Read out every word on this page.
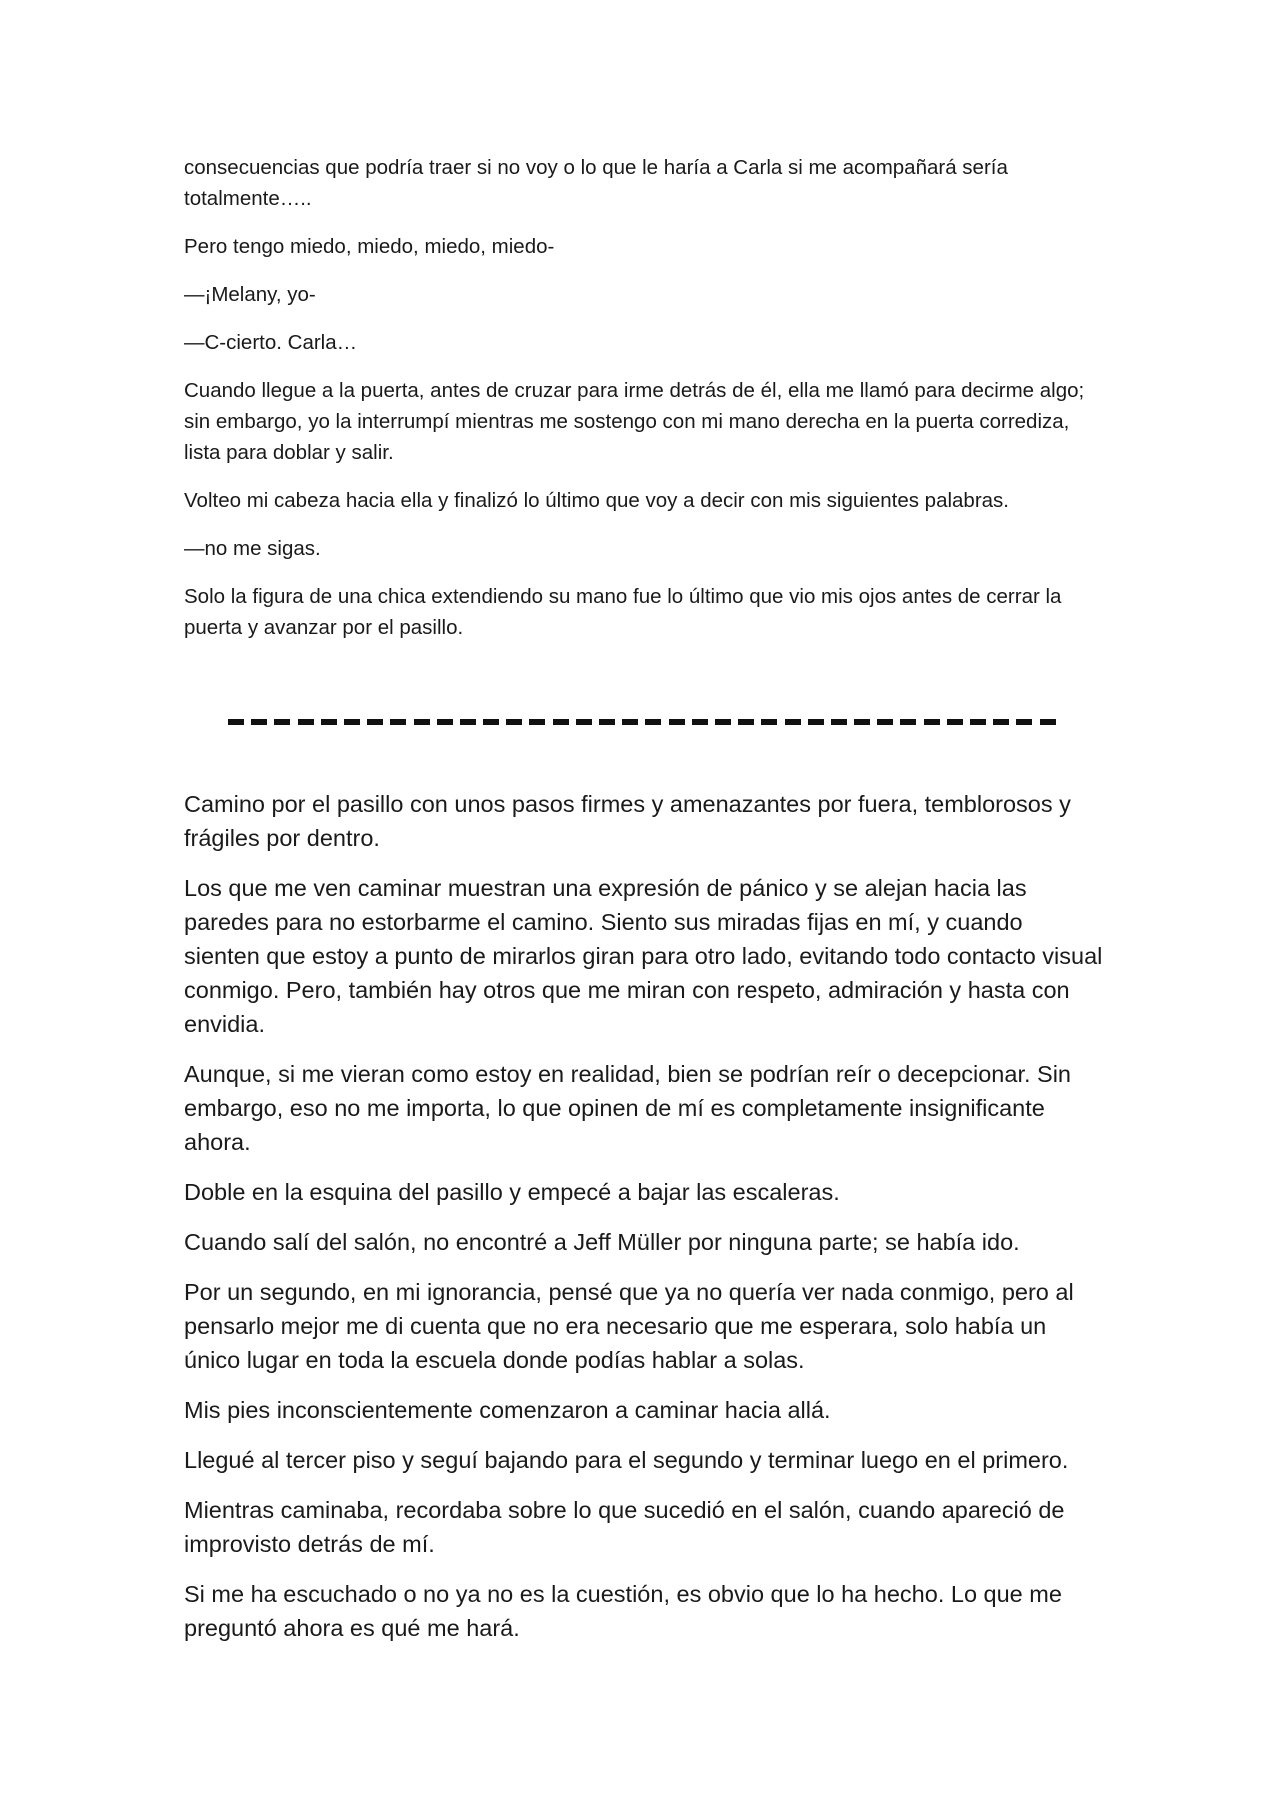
consecuencias que podría traer si no voy o lo que le haría a Carla si me acompañará sería totalmente…..

Pero tengo miedo, miedo, miedo, miedo-

—¡Melany, yo-

—C-cierto. Carla…

Cuando llegue a la puerta, antes de cruzar para irme detrás de él, ella me llamó para decirme algo; sin embargo, yo la interrumpí mientras me sostengo con mi mano derecha en la puerta corrediza, lista para doblar y salir.

Volteo mi cabeza hacia ella y finalizó lo último que voy a decir con mis siguientes palabras.

—no me sigas.

Solo la figura de una chica extendiendo su mano fue lo último que vio mis ojos antes de cerrar la puerta y avanzar por el pasillo.

Camino por el pasillo con unos pasos firmes y amenazantes por fuera, temblorosos y frágiles por dentro.

Los que me ven caminar muestran una expresión de pánico y se alejan hacia las paredes para no estorbarme el camino. Siento sus miradas fijas en mí, y cuando sienten que estoy a punto de mirarlos giran para otro lado, evitando todo contacto visual conmigo. Pero, también hay otros que me miran con respeto, admiración y hasta con envidia.

Aunque, si me vieran como estoy en realidad, bien se podrían reír o decepcionar. Sin embargo, eso no me importa, lo que opinen de mí es completamente insignificante ahora.

Doble en la esquina del pasillo y empecé a bajar las escaleras.

Cuando salí del salón, no encontré a Jeff Müller por ninguna parte; se había ido.

Por un segundo, en mi ignorancia, pensé que ya no quería ver nada conmigo, pero al pensarlo mejor me di cuenta que no era necesario que me esperara, solo había un único lugar en toda la escuela donde podías hablar a solas.

Mis pies inconscientemente comenzaron a caminar hacia allá.

Llegué al tercer piso y seguí bajando para el segundo y terminar luego en el primero.

Mientras caminaba, recordaba sobre lo que sucedió en el salón, cuando apareció de improvisto detrás de mí.

Si me ha escuchado o no ya no es la cuestión, es obvio que lo ha hecho. Lo que me preguntó ahora es qué me hará.
